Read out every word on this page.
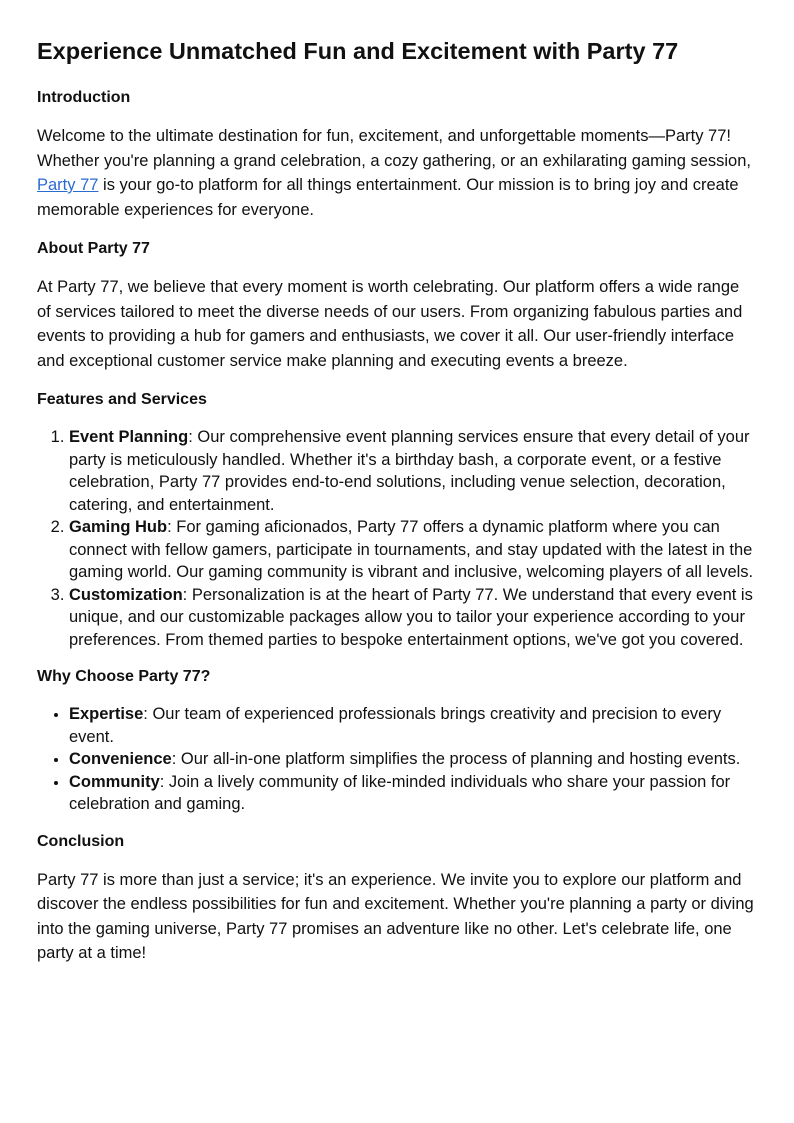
Experience Unmatched Fun and Excitement with Party 77
Introduction

Welcome to the ultimate destination for fun, excitement, and unforgettable moments—Party 77! Whether you're planning a grand celebration, a cozy gathering, or an exhilarating gaming session, Party 77 is your go-to platform for all things entertainment. Our mission is to bring joy and create memorable experiences for everyone.

About Party 77

At Party 77, we believe that every moment is worth celebrating. Our platform offers a wide range of services tailored to meet the diverse needs of our users. From organizing fabulous parties and events to providing a hub for gamers and enthusiasts, we cover it all. Our user-friendly interface and exceptional customer service make planning and executing events a breeze.

Features and Services
1. Event Planning: Our comprehensive event planning services ensure that every detail of your party is meticulously handled. Whether it's a birthday bash, a corporate event, or a festive celebration, Party 77 provides end-to-end solutions, including venue selection, decoration, catering, and entertainment.
2. Gaming Hub: For gaming aficionados, Party 77 offers a dynamic platform where you can connect with fellow gamers, participate in tournaments, and stay updated with the latest in the gaming world. Our gaming community is vibrant and inclusive, welcoming players of all levels.
3. Customization: Personalization is at the heart of Party 77. We understand that every event is unique, and our customizable packages allow you to tailor your experience according to your preferences. From themed parties to bespoke entertainment options, we've got you covered.
Why Choose Party 77?
• Expertise: Our team of experienced professionals brings creativity and precision to every event.
• Convenience: Our all-in-one platform simplifies the process of planning and hosting events.
• Community: Join a lively community of like-minded individuals who share your passion for celebration and gaming.
Conclusion

Party 77 is more than just a service; it's an experience. We invite you to explore our platform and discover the endless possibilities for fun and excitement. Whether you're planning a party or diving into the gaming universe, Party 77 promises an adventure like no other. Let's celebrate life, one party at a time!
